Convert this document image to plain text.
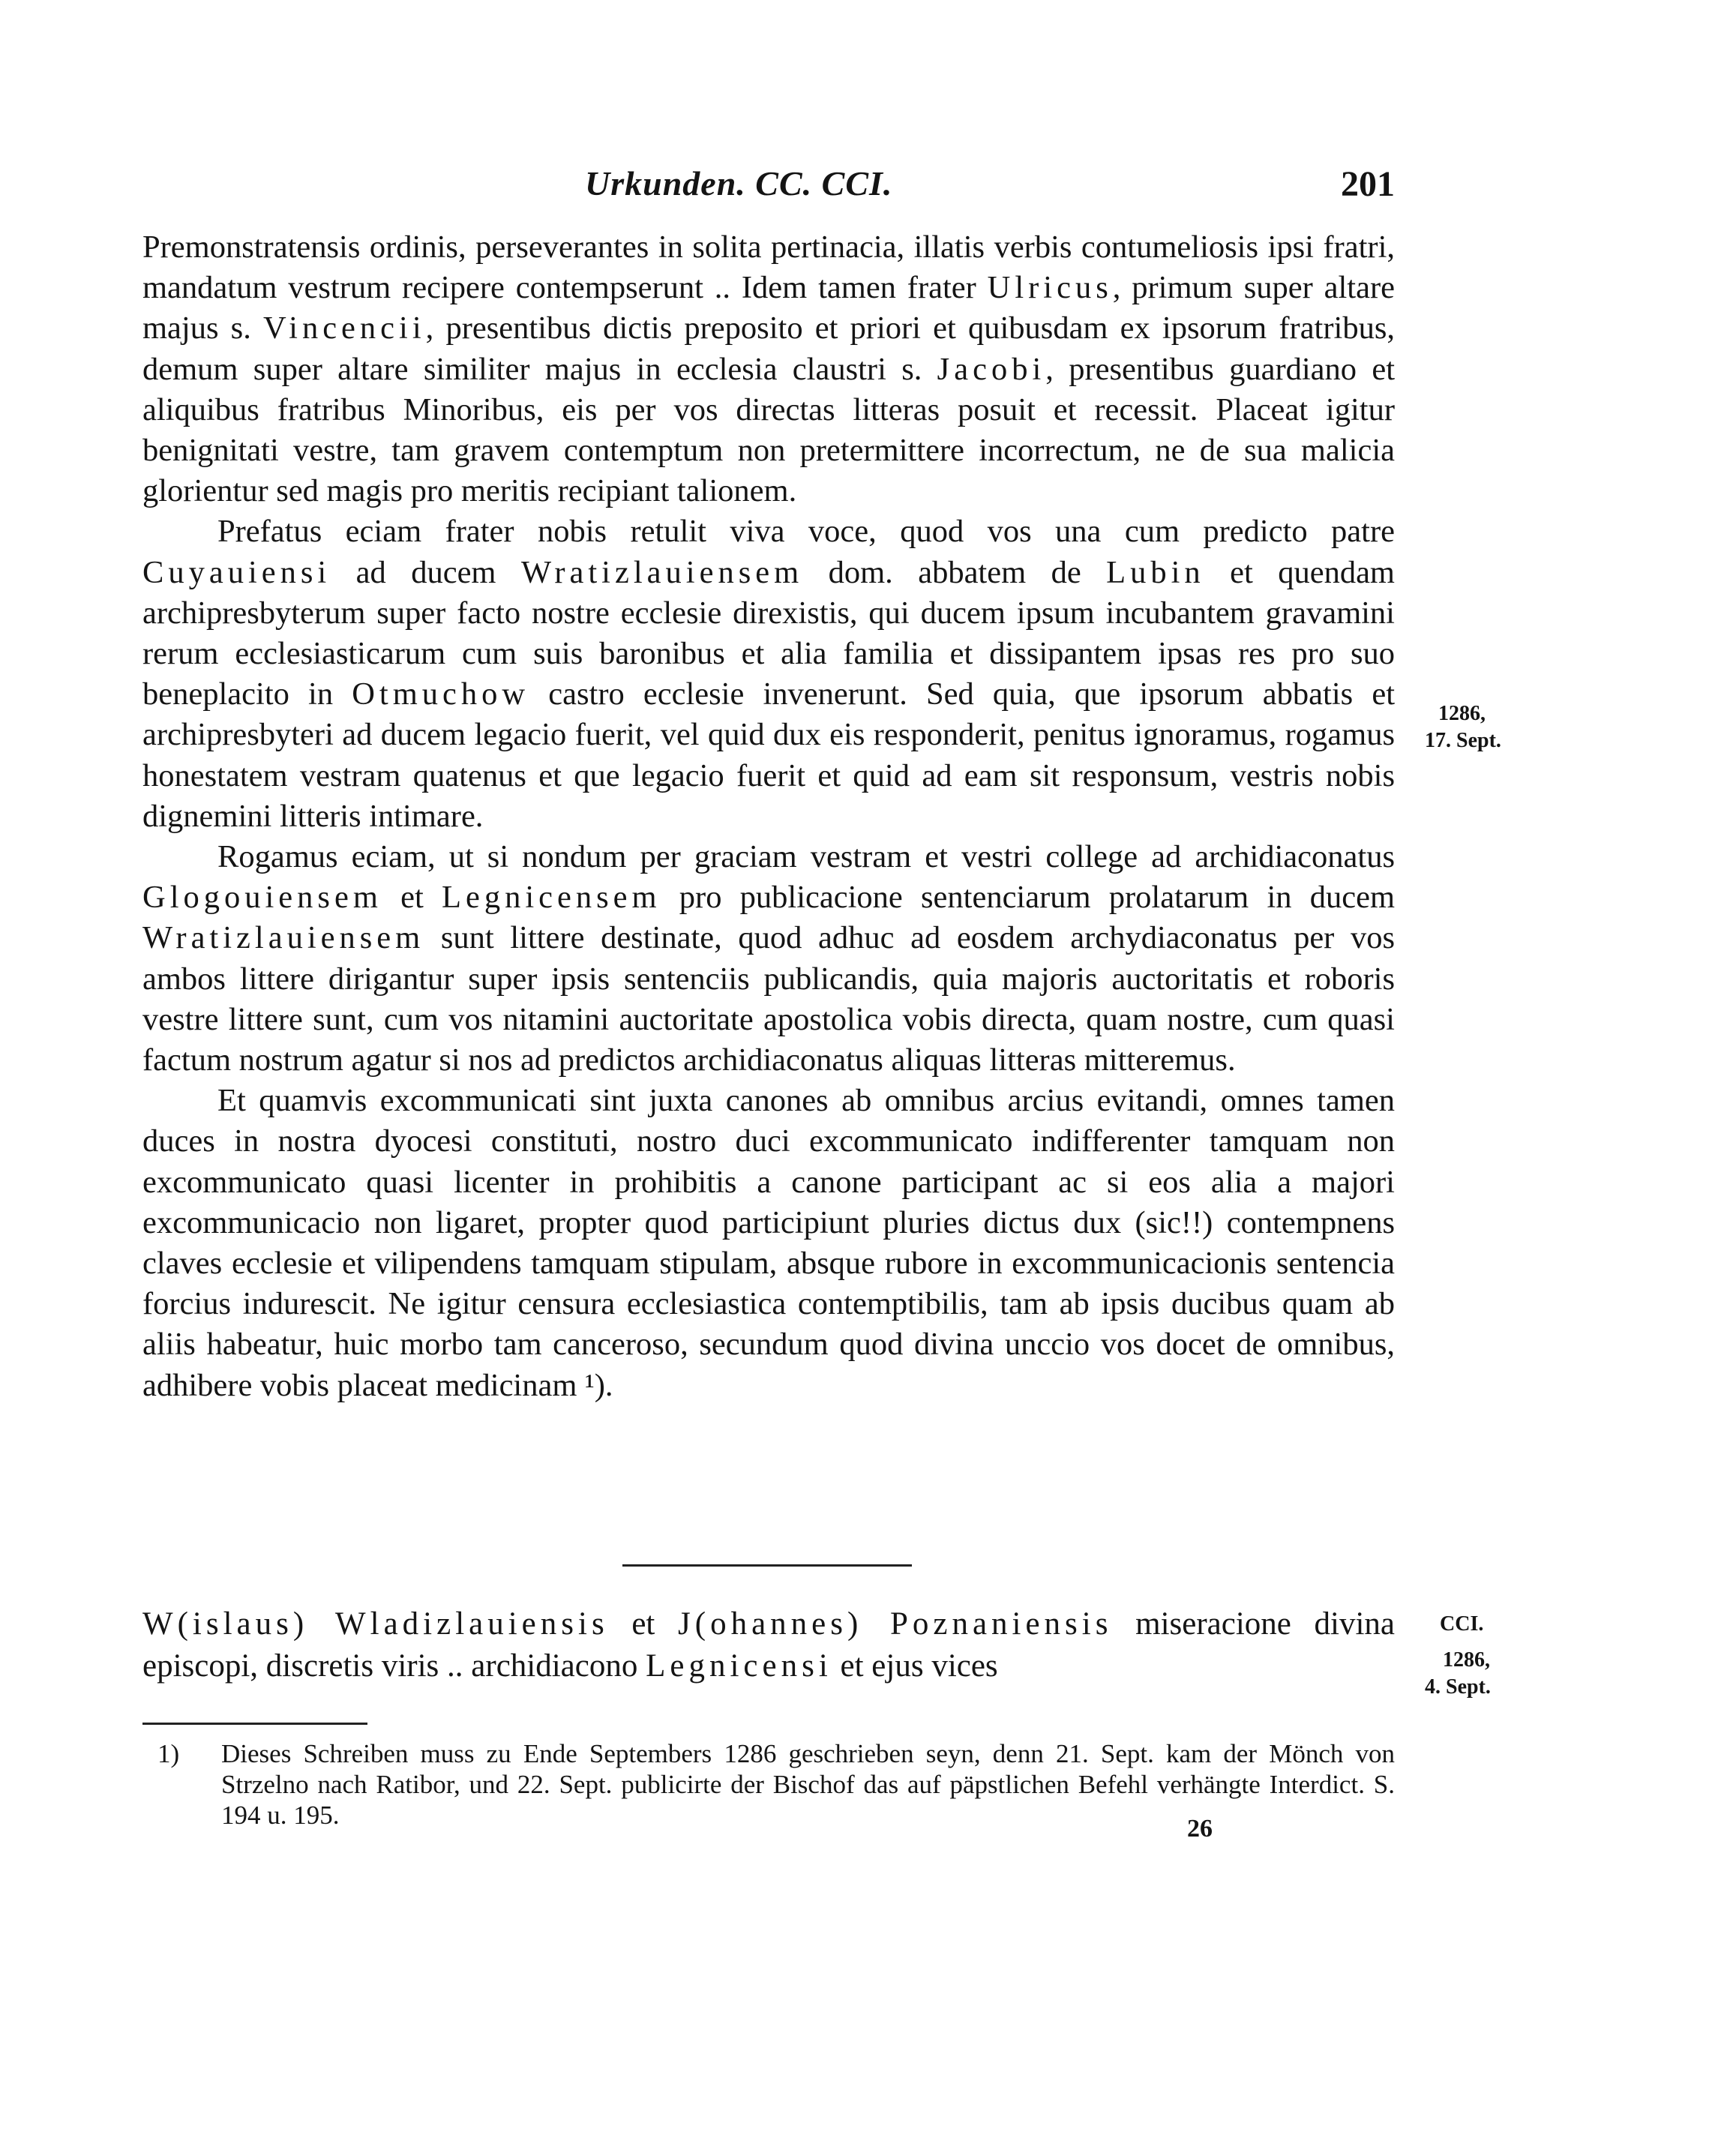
Urkunden. CC. CCI.	201

Premonstratensis ordinis, perseverantes in solita pertinacia, illatis verbis contumeliosis ipsi fratri, mandatum vestrum recipere contempserunt .. Idem tamen frater Ulricus, primum super altare majus s. Vincencii, presentibus dictis preposito et priori et quibusdam ex ipsorum fratribus, demum super altare similiter majus in ecclesia claustri s. Jacobi, presentibus guardiano et aliquibus fratribus Minoribus, eis per vos directas litteras posuit et recessit. Placeat igitur benignitati vestre, tam gravem contemptum non pretermittere incorrectum, ne de sua malicia glorientur sed magis pro meritis recipiant talionem.

Prefatus eciam frater nobis retulit viva voce, quod vos una cum predicto patre Cuyauiensi ad ducem Wratizlauiensem dom. abbatem de Lubin et quendam archipresbyterum super facto nostre ecclesie direxistis, qui ducem ipsum incubantem gravamini rerum ecclesiasticarum cum suis baronibus et alia familia et dissipantem ipsas res pro suo beneplacito in Otmuchow castro ecclesie invenerunt. Sed quia, que ipsorum abbatis et archipresbyteri ad ducem legacio fuerit, vel quid dux eis responderit, penitus ignoramus, rogamus honestatem vestram quatenus et que legacio fuerit et quid ad eam sit responsum, vestris nobis dignemini litteris intimare.

Rogamus eciam, ut si nondum per graciam vestram et vestri college ad archidiaconatus Glogouiensem et Legnicensem pro publicacione sentenciarum prolatarum in ducem Wratizlauiensem sunt littere destinate, quod adhuc ad eosdem archydiaconatus per vos ambos littere dirigantur super ipsis sentenciis publicandis, quia majoris auctoritatis et roboris vestre littere sunt, cum vos nitamini auctoritate apostolica vobis directa, quam nostre, cum quasi factum nostrum agatur si nos ad predictos archidiaconatus aliquas litteras mitteremus.

Et quamvis excommunicati sint juxta canones ab omnibus arcius evitandi, omnes tamen duces in nostra dyocesi constituti, nostro duci excommunicato indifferenter tamquam non excommunicato quasi licenter in prohibitis a canone participant ac si eos alia a majori excommunicacio non ligaret, propter quod participiunt pluries dictus dux (sic!!) contempnens claves ecclesie et vilipendens tamquam stipulam, absque rubore in excommunicacionis sentencia forcius indurescit. Ne igitur censura ecclesiastica contemptibilis, tam ab ipsis ducibus quam ab aliis habeatur, huic morbo tam canceroso, secundum quod divina unccio vos docet de omnibus, adhibere vobis placeat medicinam ¹).

1286,
17. Sept.
W(islaus) Wladizlauiensis et J(ohannes) Poznaniensis miseracione divina episcopi, discretis viris .. archidiacono Legnicensi et ejus vices
CCI.
1286,
4. Sept.
1) Dieses Schreiben muss zu Ende Septembers 1286 geschrieben seyn, denn 21. Sept. kam der Mönch von Strzelno nach Ratibor, und 22. Sept. publicirte der Bischof das auf päpstlichen Befehl verhängte Interdict. S. 194 u. 195.	26
